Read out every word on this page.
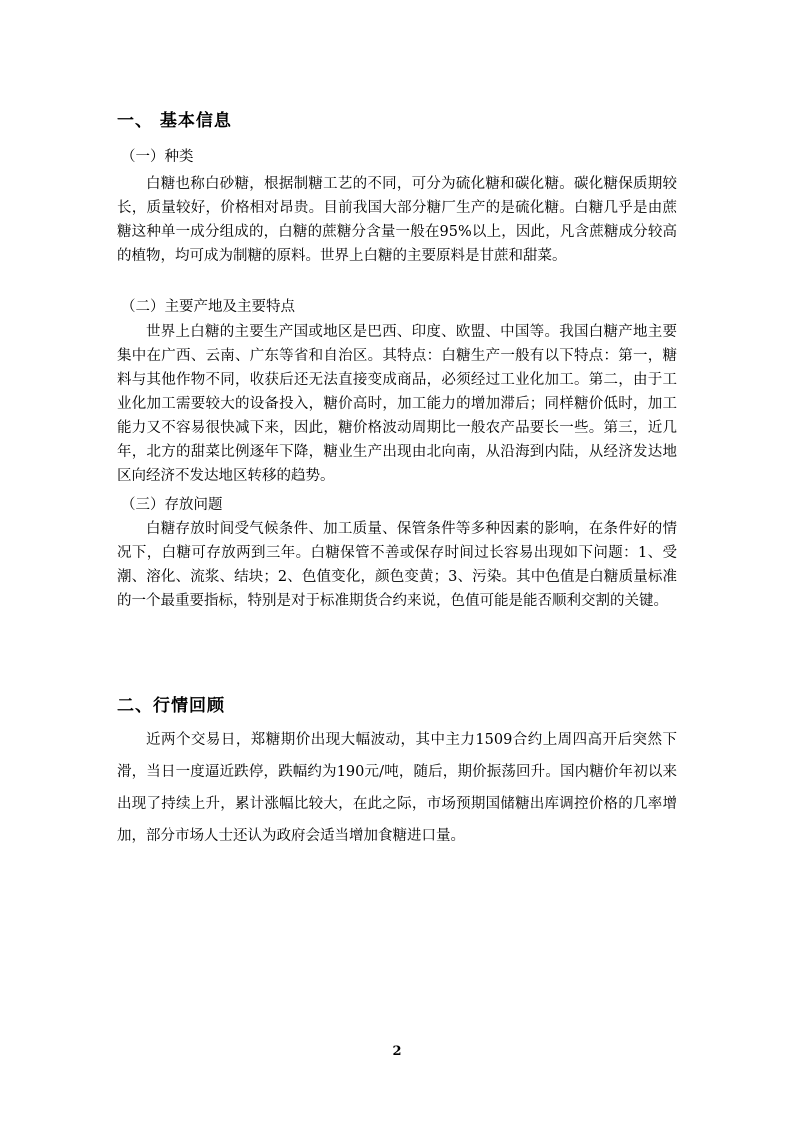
一、 基本信息
（一）种类

白糖也称白砂糖，根据制糖工艺的不同，可分为硫化糖和碳化糖。碳化糖保质期较长，质量较好，价格相对昂贵。目前我国大部分糖厂生产的是硫化糖。白糖几乎是由蔗糖这种单一成分组成的，白糖的蔗糖分含量一般在95%以上，因此，凡含蔗糖成分较高的植物，均可成为制糖的原料。世界上白糖的主要原料是甘蔗和甜菜。

（二）主要产地及主要特点

世界上白糖的主要生产国或地区是巴西、印度、欧盟、中国等。我国白糖产地主要集中在广西、云南、广东等省和自治区。其特点：白糖生产一般有以下特点：第一，糖料与其他作物不同，收获后还无法直接变成商品，必须经过工业化加工。第二，由于工业化加工需要较大的设备投入，糖价高时，加工能力的增加滞后；同样糖价低时，加工能力又不容易很快减下来，因此，糖价格波动周期比一般农产品要长一些。第三，近几年，北方的甜菜比例逐年下降，糖业生产出现由北向南，从沿海到内陆，从经济发达地区向经济不发达地区转移的趋势。

（三）存放问题

白糖存放时间受气候条件、加工质量、保管条件等多种因素的影响，在条件好的情况下，白糖可存放两到三年。白糖保管不善或保存时间过长容易出现如下问题：1、受潮、溶化、流浆、结块；2、色值变化，颜色变黄；3、污染。其中色值是白糖质量标准的一个最重要指标，特别是对于标准期货合约来说，色值可能是能否顺利交割的关键。

二、行情回顾

近两个交易日，郑糖期价出现大幅波动，其中主力1509合约上周四高开后突然下滑，当日一度逼近跌停，跌幅约为190元/吨，随后，期价振荡回升。国内糖价年初以来出现了持续上升，累计涨幅比较大，在此之际，市场预期国储糖出库调控价格的几率增加，部分市场人士还认为政府会适当增加食糖进口量。

2
